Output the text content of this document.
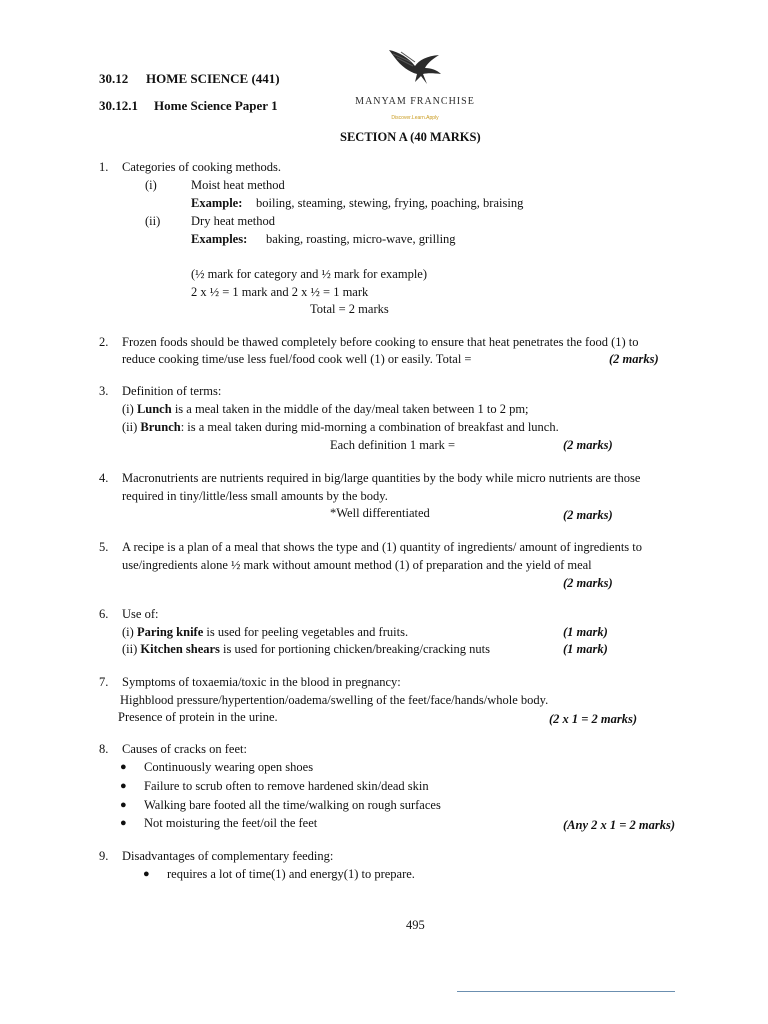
30.12 HOME SCIENCE (441)
30.12.1 Home Science Paper 1	MANYAM FRANCHISE
Discover.Learn.Apply
SECTION A (40 MARKS)
1. Categories of cooking methods.
(i)	Moist heat method
Example: boiling, steaming, stewing, frying, poaching, braising
(ii) Dry heat method
Examples: baking, roasting, micro-wave, grilling
(½ mark for category and ½ mark for example)
2 x ½ = 1 mark and 2 x ½ = 1 mark
Total = 2 marks
2. Frozen foods should be thawed completely before cooking to ensure that heat penetrates the food (1) to
reduce cooking time/use less fuel/food cook well (1) or easily. Total =	(2 marks)
3. Definition of terms:
(i) Lunch is a meal taken in the middle of the day/meal taken between 1 to 2 pm;
(ii) Brunch: is a meal taken during mid-morning a combination of breakfast and lunch.
Each definition 1 mark =	(2 marks)
4. Macronutrients are nutrients required in big/large quantities by the body while micro nutrients are those
required in tiny/little/less small amounts by the body.
*Well differentiated	(2 marks)
5. A recipe is a plan of a meal that shows the type and (1) quantity of ingredients/ amount of ingredients to
use/ingredients alone ½ mark without amount method (1) of preparation and the yield of meal
(2 marks)
6. Use of:
(i) Paring knife is used for peeling vegetables and fruits.	(1 mark)
(ii) Kitchen shears is used for portioning chicken/breaking/cracking nuts	(1 mark)
7. Symptoms of toxaemia/toxic in the blood in pregnancy:
Highblood pressure/hypertention/oadema/swelling of the feet/face/hands/whole body.
Presence of protein in the urine.	(2 x 1 = 2 marks)
8. Causes of cracks on feet:
● Continuously wearing open shoes
● Failure to scrub often to remove hardened skin/dead skin
● Walking bare footed all the time/walking on rough surfaces
● Not moisturing the feet/oil the feet	(Any 2 x 1 = 2 marks)
9. Disadvantages of complementary feeding:
● requires a lot of time(1) and energy(1) to prepare.
495
